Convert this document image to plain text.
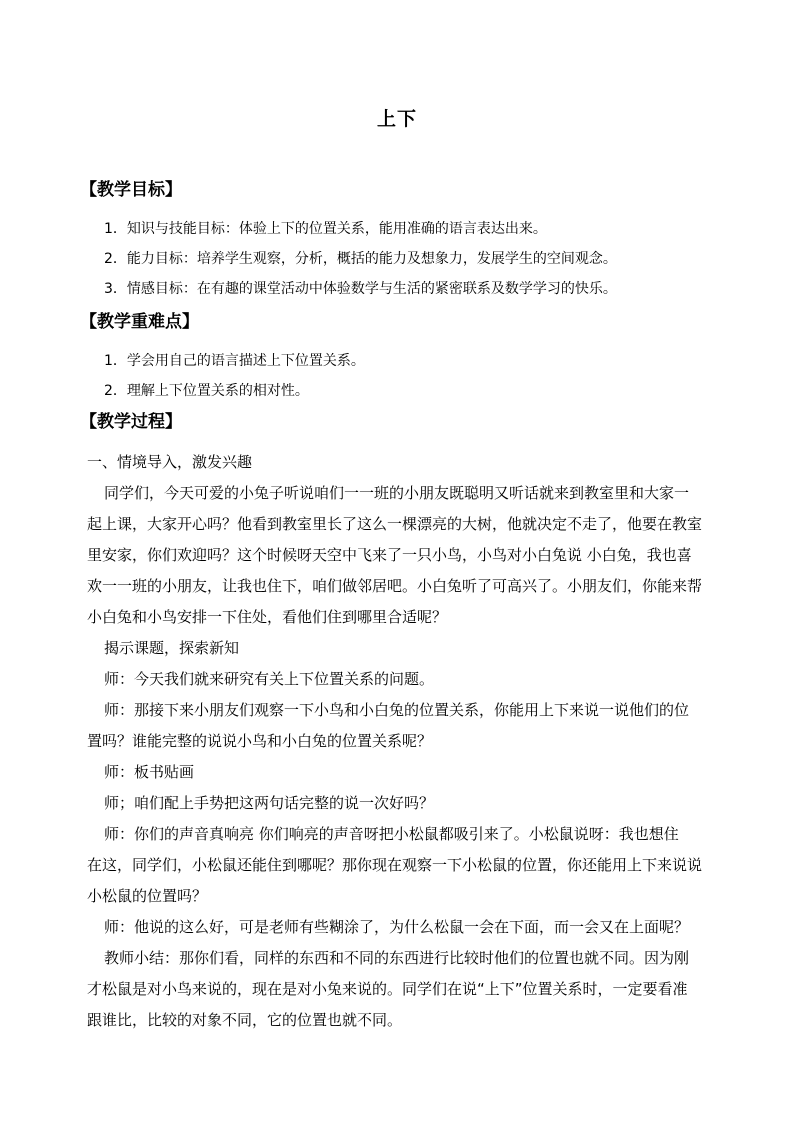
上下
【教学目标】
1．知识与技能目标：体验上下的位置关系，能用准确的语言表达出来。
2．能力目标：培养学生观察，分析，概括的能力及想象力，发展学生的空间观念。
3．情感目标：在有趣的课堂活动中体验数学与生活的紧密联系及数学学习的快乐。
【教学重难点】
1．学会用自己的语言描述上下位置关系。
2．理解上下位置关系的相对性。
【教学过程】
一、情境导入，激发兴趣
同学们，今天可爱的小兔子听说咱们一一班的小朋友既聪明又听话就来到教室里和大家一
起上课，大家开心吗？他看到教室里长了这么一棵漂亮的大树，他就决定不走了，他要在教室
里安家，你们欢迎吗？这个时候呀天空中飞来了一只小鸟，小鸟对小白兔说 小白兔，我也喜
欢一一班的小朋友，让我也住下，咱们做邻居吧。小白兔听了可高兴了。小朋友们，你能来帮
小白兔和小鸟安排一下住处，看他们住到哪里合适呢？
揭示课题，探索新知
师：今天我们就来研究有关上下位置关系的问题。
师：那接下来小朋友们观察一下小鸟和小白兔的位置关系，你能用上下来说一说他们的位
置吗？谁能完整的说说小鸟和小白兔的位置关系呢？
师：板书贴画
师；咱们配上手势把这两句话完整的说一次好吗？
师：你们的声音真响亮 你们响亮的声音呀把小松鼠都吸引来了。小松鼠说呀：我也想住
在这，同学们，小松鼠还能住到哪呢？那你现在观察一下小松鼠的位置，你还能用上下来说说
小松鼠的位置吗？
师：他说的这么好，可是老师有些糊涂了，为什么松鼠一会在下面，而一会又在上面呢？
教师小结：那你们看，同样的东西和不同的东西进行比较时他们的位置也就不同。因为刚
才松鼠是对小鸟来说的，现在是对小兔来说的。同学们在说“上下”位置关系时，一定要看准
跟谁比，比较的对象不同，它的位置也就不同。
